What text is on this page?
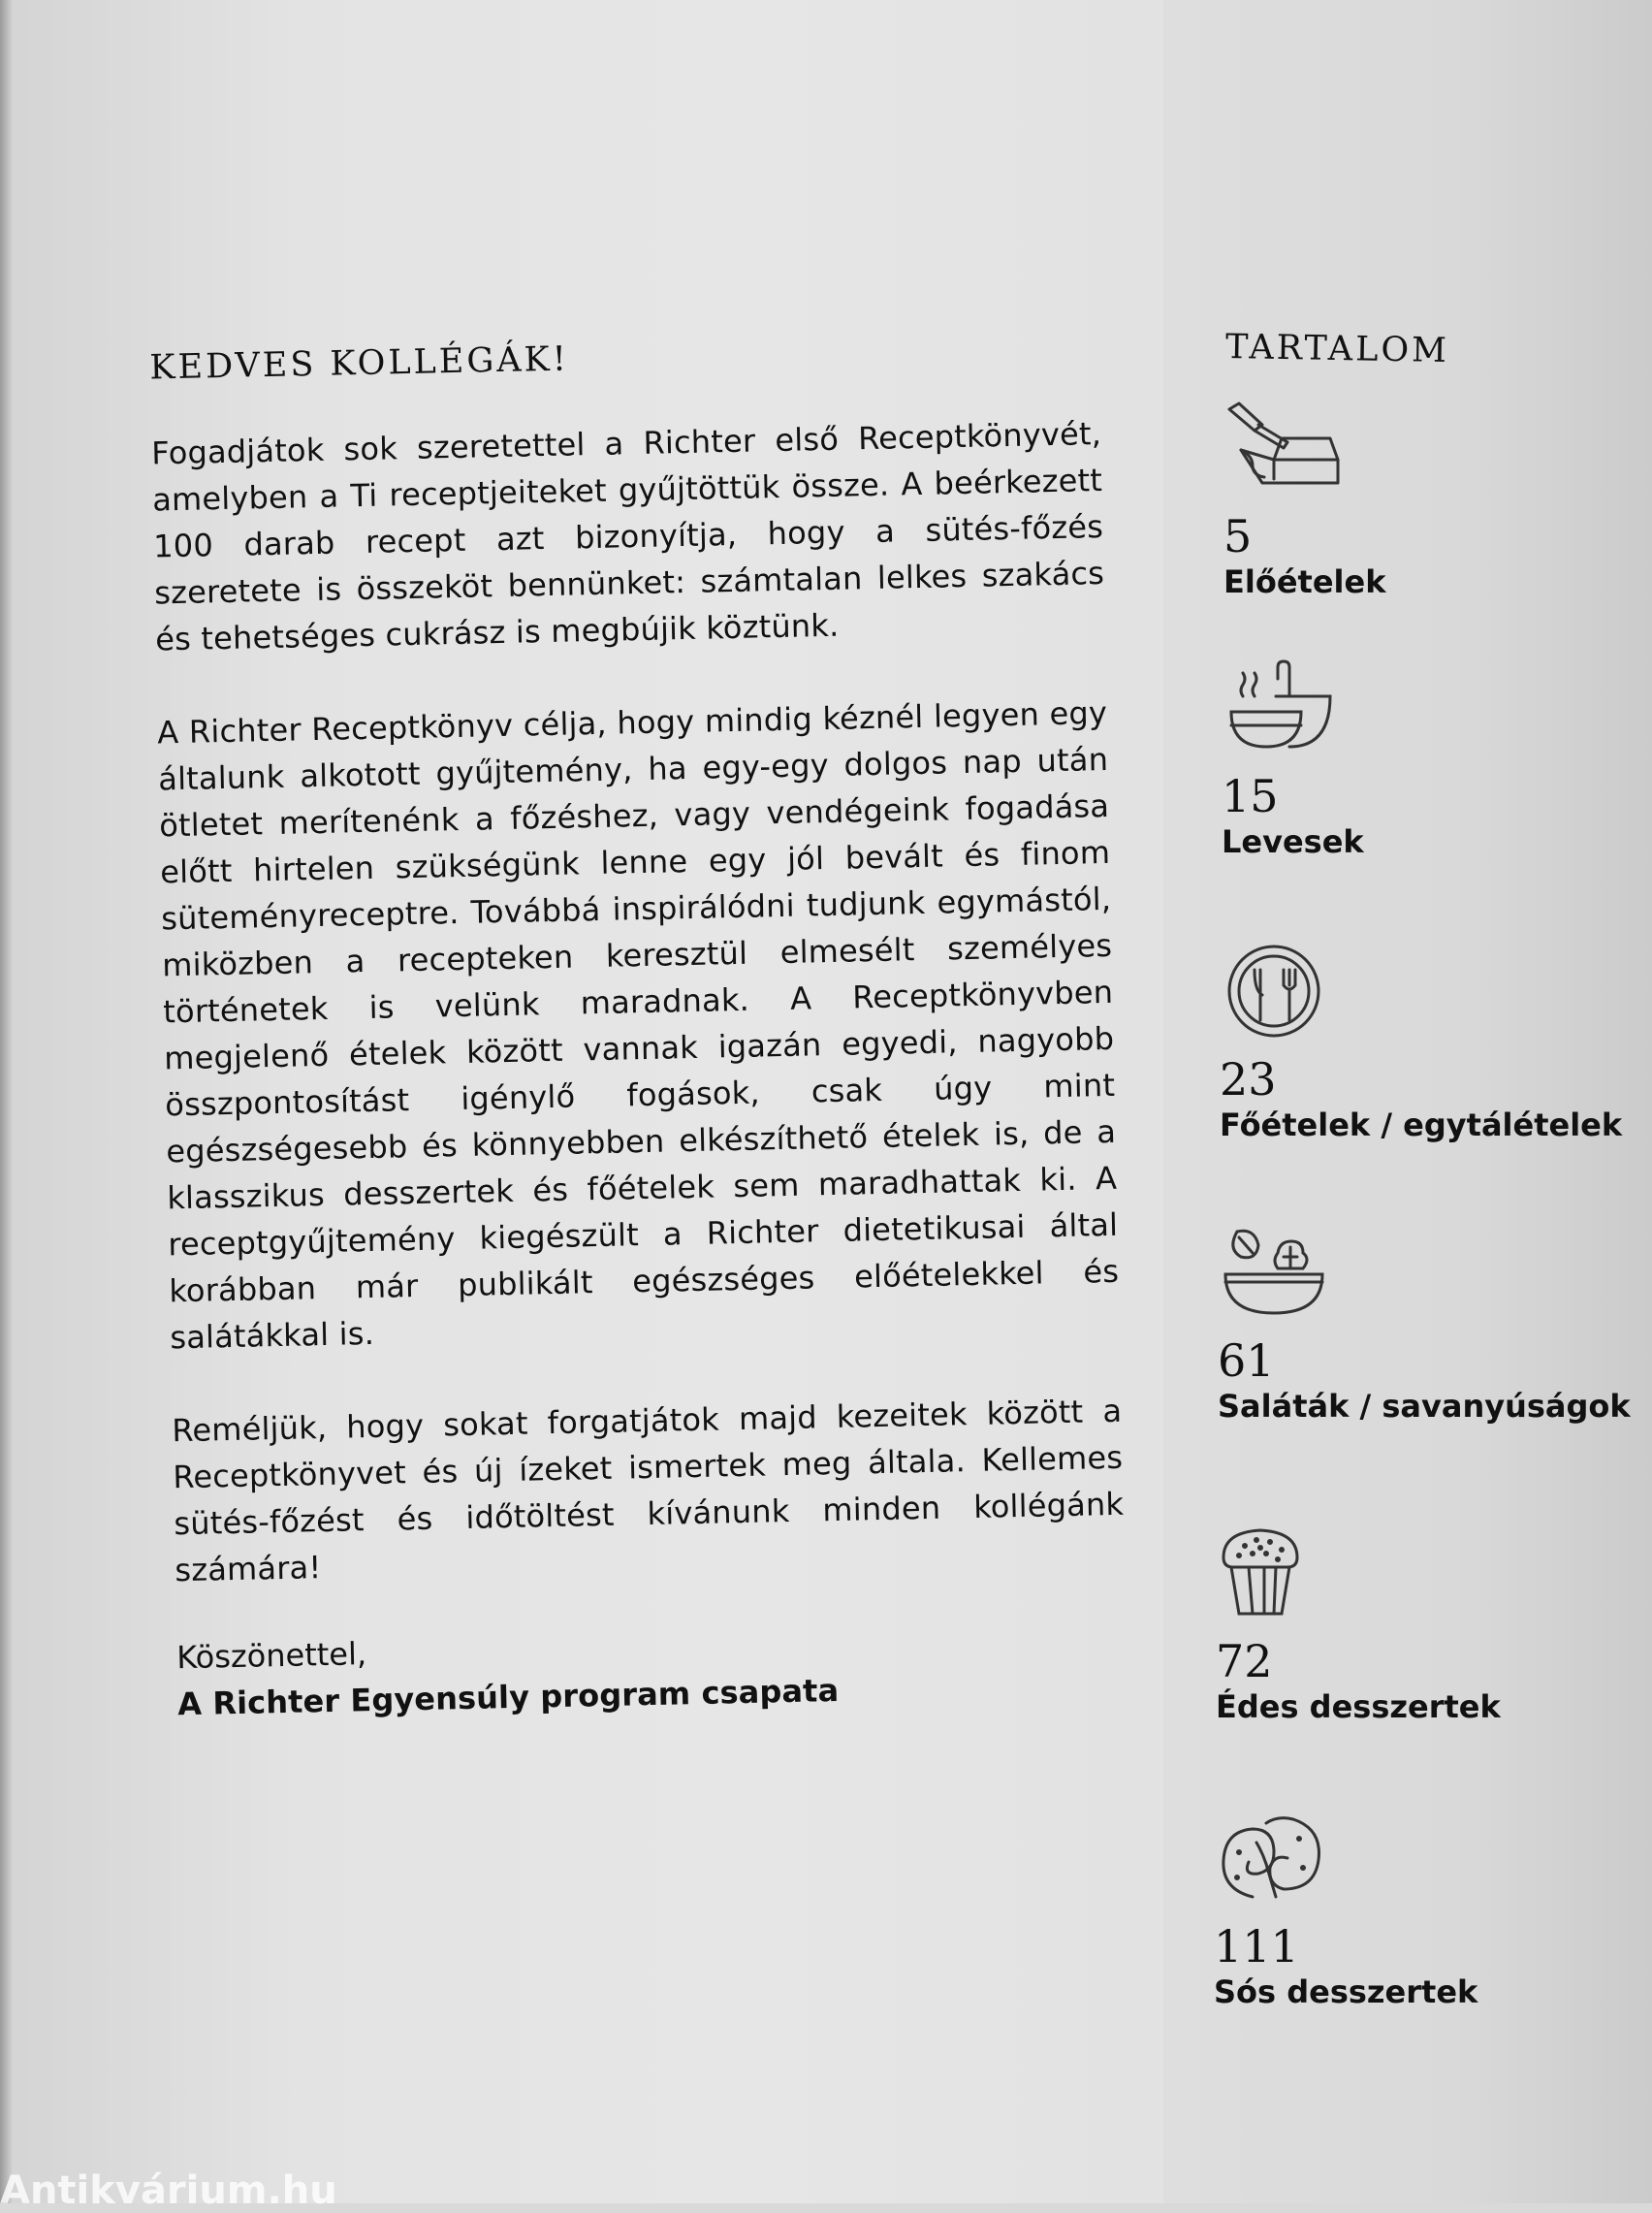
KEDVES KOLLÉGÁK!

Fogadjátok sok szeretettel a Richter első Receptkönyvét, amelyben a Ti receptjeiteket gyűjtöttük össze. A beérkezett 100 darab recept azt bizonyítja, hogy a sütés-főzés szeretete is összeköt bennünket: számtalan lelkes szakács és tehetséges cukrász is megbújik köztünk.

A Richter Receptkönyv célja, hogy mindig kéznél legyen egy általunk alkotott gyűjtemény, ha egy-egy dolgos nap után ötletet merítenénk a főzéshez, vagy vendégeink fogadása előtt hirtelen szükségünk lenne egy jól bevált és finom süteményreceptre. Továbbá inspirálódni tudjunk egymástól, miközben a recepteken keresztül elmesélt személyes történetek is velünk maradnak. A Receptkönyvben megjelenő ételek között vannak igazán egyedi, nagyobb összpontosítást igénylő fogások, csak úgy mint egészségesebb és könnyebben elkészíthető ételek is, de a klasszikus desszertek és főételek sem maradhattak ki. A receptgyűjtemény kiegészült a Richter dietetikusai által korábban már publikált egészséges előételekkel és salátákkal is.

Reméljük, hogy sokat forgatjátok majd kezeitek között a Receptkönyvet és új ízeket ismertek meg általa. Kellemes sütés-főzést és időtöltést kívánunk minden kollégánk számára!

Köszönettel,
A Richter Egyensúly program csapata
TARTALOM
5
Előételek
15
Levesek
23
Főételek / egytálételek
61
Saláták / savanyúságok
72
Édes desszertek
111
Sós desszertek
Antikvárium.hu
